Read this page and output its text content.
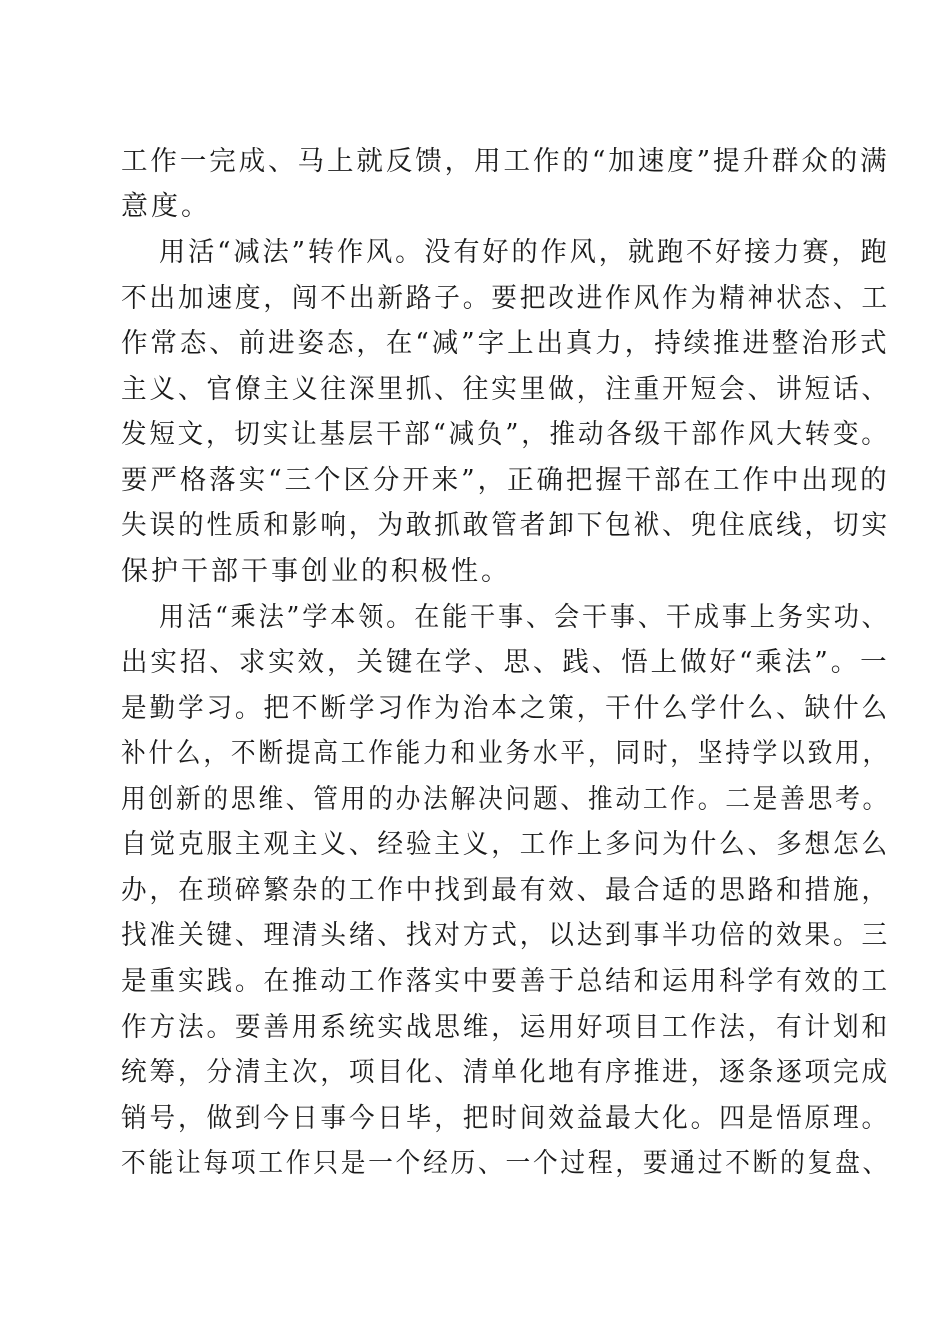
工作一完成、马上就反馈，用工作的“加速度”提升群众的满
意度。
用活“减法”转作风。没有好的作风，就跑不好接力赛，跑
不出加速度，闯不出新路子。要把改进作风作为精神状态、工
作常态、前进姿态，在“减”字上出真力，持续推进整治形式
主义、官僚主义往深里抓、往实里做，注重开短会、讲短话、
发短文，切实让基层干部“减负”，推动各级干部作风大转变。
要严格落实“三个区分开来”，正确把握干部在工作中出现的
失误的性质和影响，为敢抓敢管者卸下包袱、兜住底线，切实
保护干部干事创业的积极性。
用活“乘法”学本领。在能干事、会干事、干成事上务实功、
出实招、求实效，关键在学、思、践、悟上做好“乘法”。一
是勤学习。把不断学习作为治本之策，干什么学什么、缺什么
补什么，不断提高工作能力和业务水平，同时，坚持学以致用，
用创新的思维、管用的办法解决问题、推动工作。二是善思考。
自觉克服主观主义、经验主义，工作上多问为什么、多想怎么
办，在琐碎繁杂的工作中找到最有效、最合适的思路和措施，
找准关键、理清头绪、找对方式，以达到事半功倍的效果。三
是重实践。在推动工作落实中要善于总结和运用科学有效的工
作方法。要善用系统实战思维，运用好项目工作法，有计划和
统筹，分清主次，项目化、清单化地有序推进，逐条逐项完成
销号，做到今日事今日毕，把时间效益最大化。四是悟原理。
不能让每项工作只是一个经历、一个过程，要通过不断的复盘、
